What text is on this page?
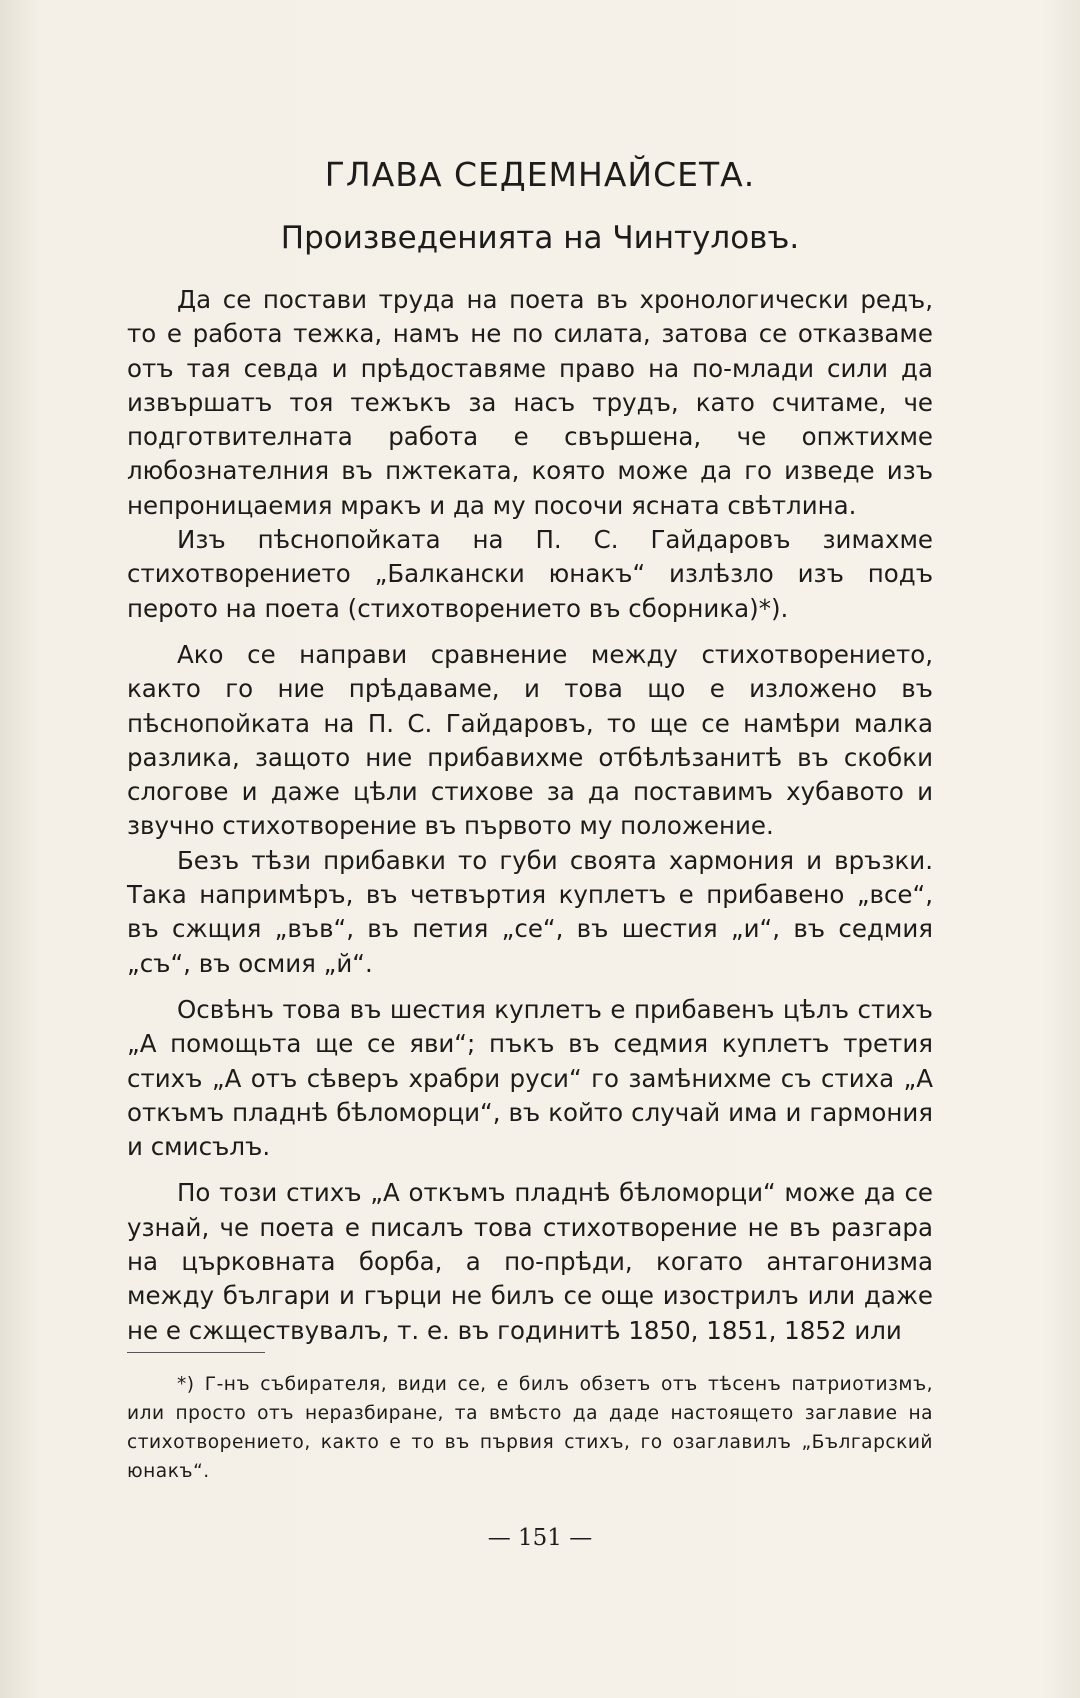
ГЛАВА СЕДЕМНАЙСЕТА.
Произведенията на Чинтуловъ.

Да се постави труда на поета въ хронологически редъ, то е работа тежка, намъ не по силата, затова се отказваме отъ тая севда и прѣдоставяме право на по-млади сили да извършатъ тоя тежъкъ за насъ трудъ, като считаме, че подготвителната работа е свършена, че опжтихме любознателния въ пжтеката, която може да го изведе изъ непроницаемия мракъ и да му посочи ясната свѣтлина.

Изъ пѣснопойката на П. С. Гайдаровъ зимахме стихотворението „Балкански юнакъ“ излѣзло изъ подъ перото на поета (стихотворението въ сборника)*).

Ако се направи сравнение между стихотворението, както го ние прѣдаваме, и това що е изложено въ пѣснопойката на П. С. Гайдаровъ, то ще се намѣри малка разлика, защото ние прибавихме отбѣлѣзанитѣ въ скобки слогове и даже цѣли стихове за да поставимъ хубавото и звучно стихотворение въ първото му положение.

Безъ тѣзи прибавки то губи своята хармония и връзки. Така напримѣръ, въ четвъртия куплетъ е прибавено „все“, въ сжщия „във“, въ петия „се“, въ шестия „и“, въ седмия „съ“, въ осмия „й“.

Освѣнъ това въ шестия куплетъ е прибавенъ цѣлъ стихъ „А помощьта ще се яви“; пъкъ въ седмия куплетъ третия стихъ „А отъ сѣверъ храбри руси“ го замѣнихме съ стиха „А откъмъ пладнѣ бѣломорци“, въ който случай има и гармония и смисълъ.

По този стихъ „А откъмъ пладнѣ бѣломорци“ може да се узнай, че поета е писалъ това стихотворение не въ разгара на църковната борба, а по-прѣди, когато антагонизма между българи и гърци не билъ се още изострилъ или даже не е сжществувалъ, т. е. въ годинитѣ 1850, 1851, 1852 или

*) Г-нъ събирателя, види се, е билъ обзетъ отъ тѣсенъ патриотизмъ, или просто отъ неразбиране, та вмѣсто да даде настоящето заглавие на стихотворението, както е то въ първия стихъ, го озаглавилъ „Българский юнакъ“.

— 151 —
